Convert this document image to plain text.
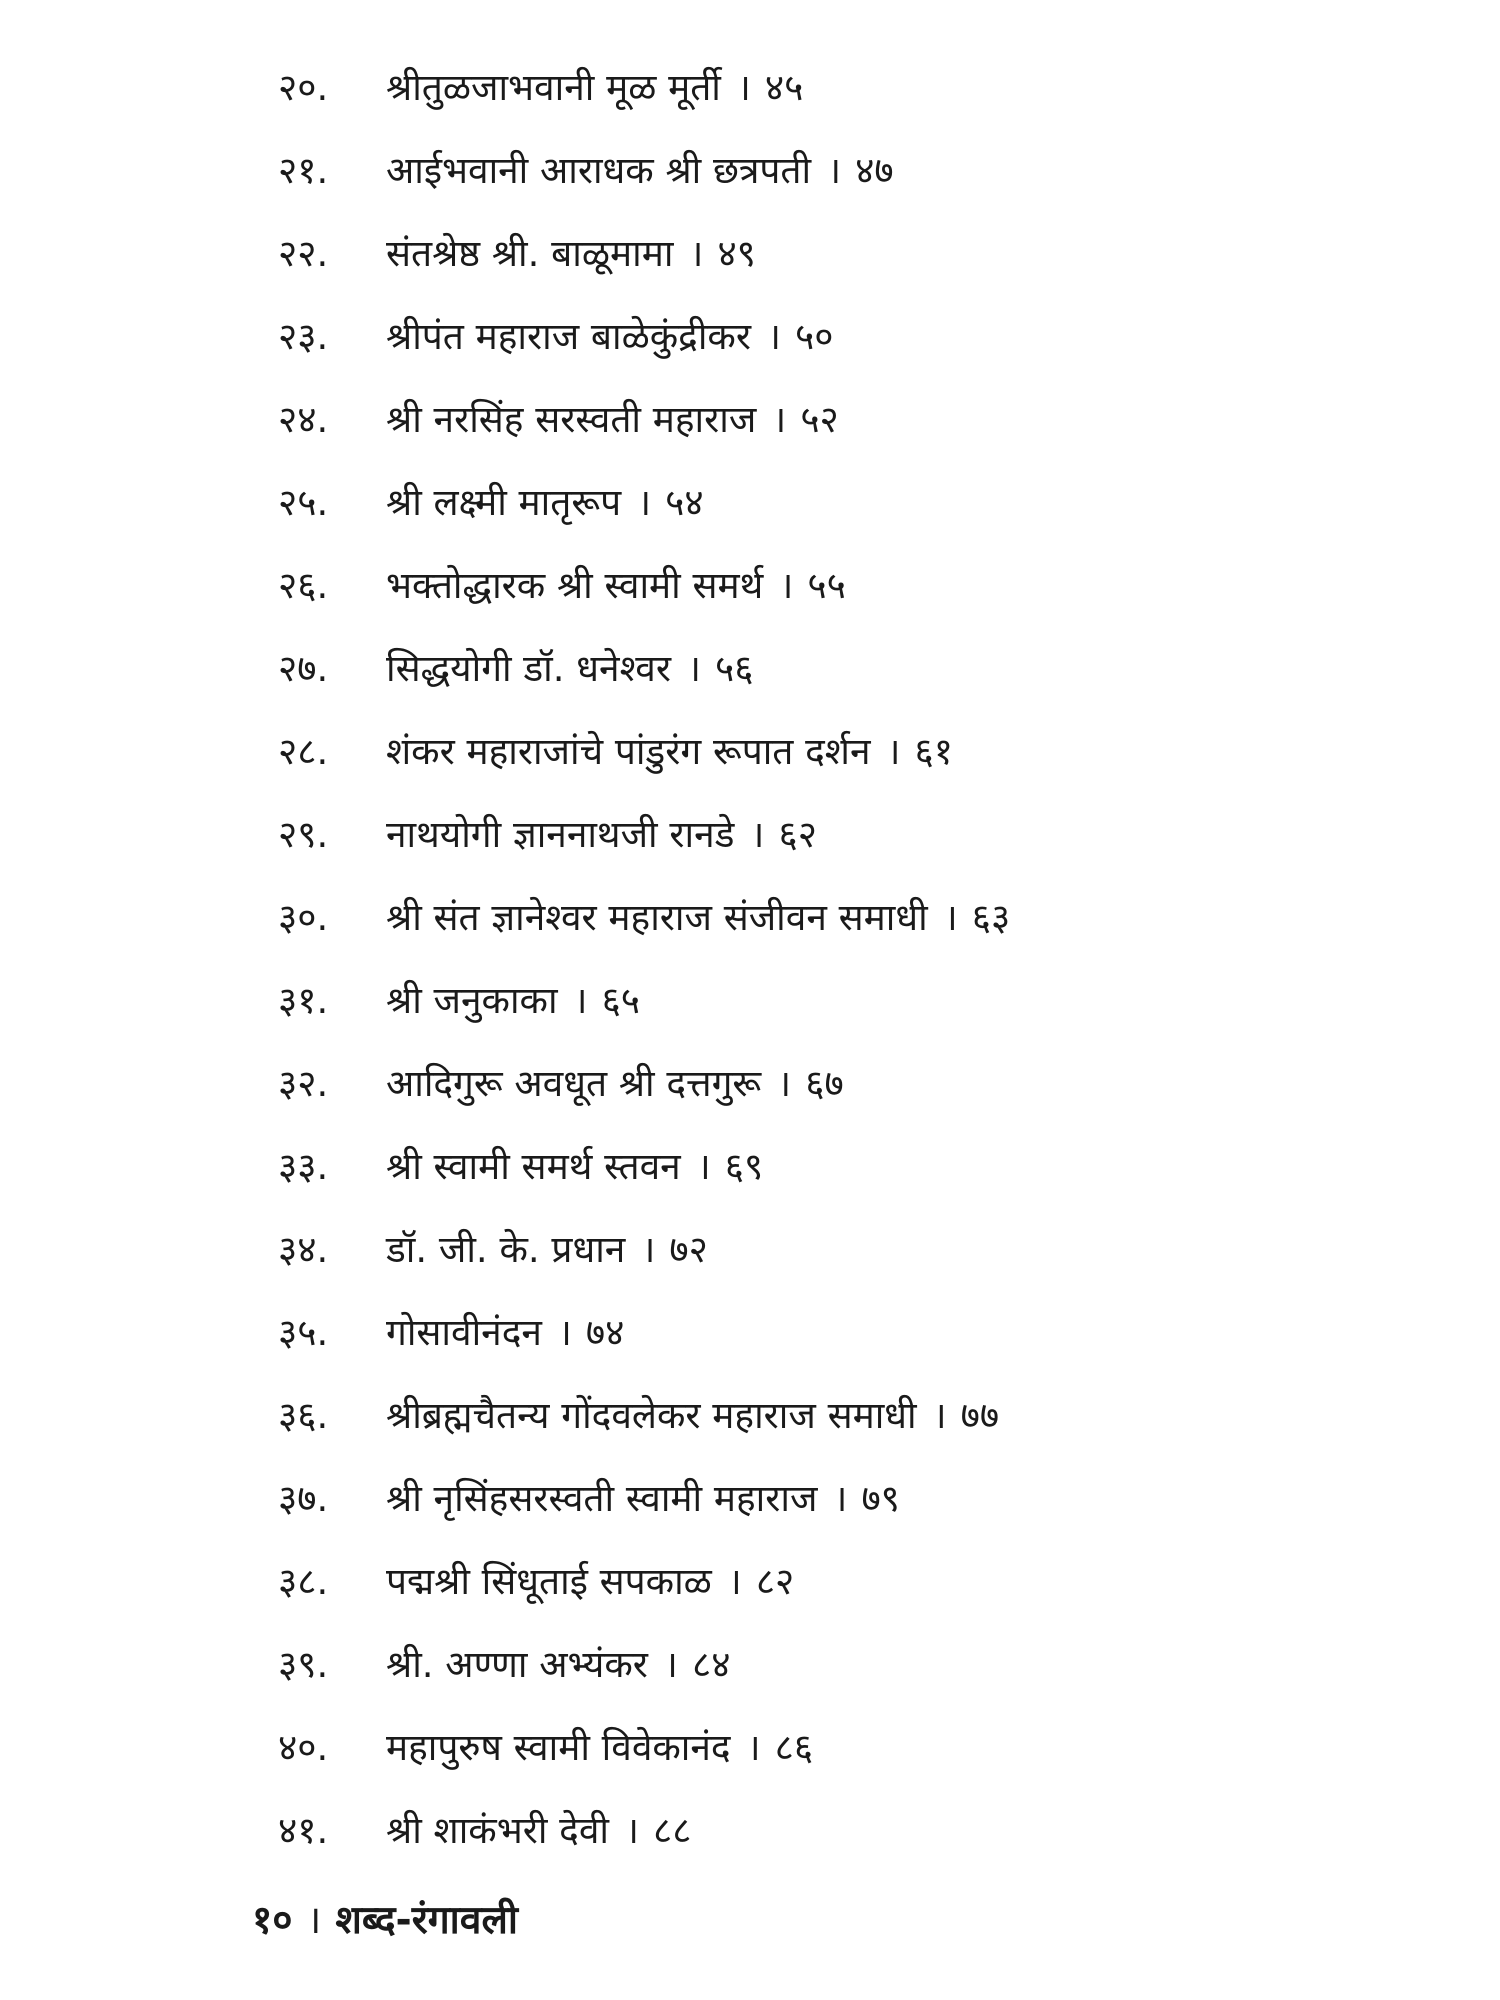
२०.	श्रीतुळजाभवानी मूळ मूर्ती । ४५
२१.	आईभवानी आराधक श्री छत्रपती । ४७
२२.	संतश्रेष्ठ श्री. बाळूमामा । ४९
२३.	श्रीपंत महाराज बाळेकुंद्रीकर । ५०
२४.	श्री नरसिंह सरस्वती महाराज । ५२
२५.	श्री लक्ष्मी मातृरूप । ५४
२६.	भक्तोद्धारक श्री स्वामी समर्थ । ५५
२७.	सिद्धयोगी डॉ. धनेश्वर । ५६
२८.	शंकर महाराजांचे पांडुरंग रूपात दर्शन । ६१
२९.	नाथयोगी ज्ञाननाथजी रानडे । ६२
३०.	श्री संत ज्ञानेश्वर महाराज संजीवन समाधी । ६३
३१.	श्री जनुकाका । ६५
३२.	आदिगुरू अवधूत श्री दत्तगुरू । ६७
३३.	श्री स्वामी समर्थ स्तवन । ६९
३४.	डॉ. जी. के. प्रधान । ७२
३५.	गोसावीनंदन । ७४
३६.	श्रीब्रह्मचैतन्य गोंदवलेकर महाराज समाधी । ७७
३७.	श्री नृसिंहसरस्वती स्वामी महाराज । ७९
३८.	पद्मश्री सिंधूताई सपकाळ । ८२
३९.	श्री. अण्णा अभ्यंकर । ८४
४०.	महापुरुष स्वामी विवेकानंद । ८६
४१.	श्री शाकंभरी देवी । ८८
१० । शब्द-रंगावली
